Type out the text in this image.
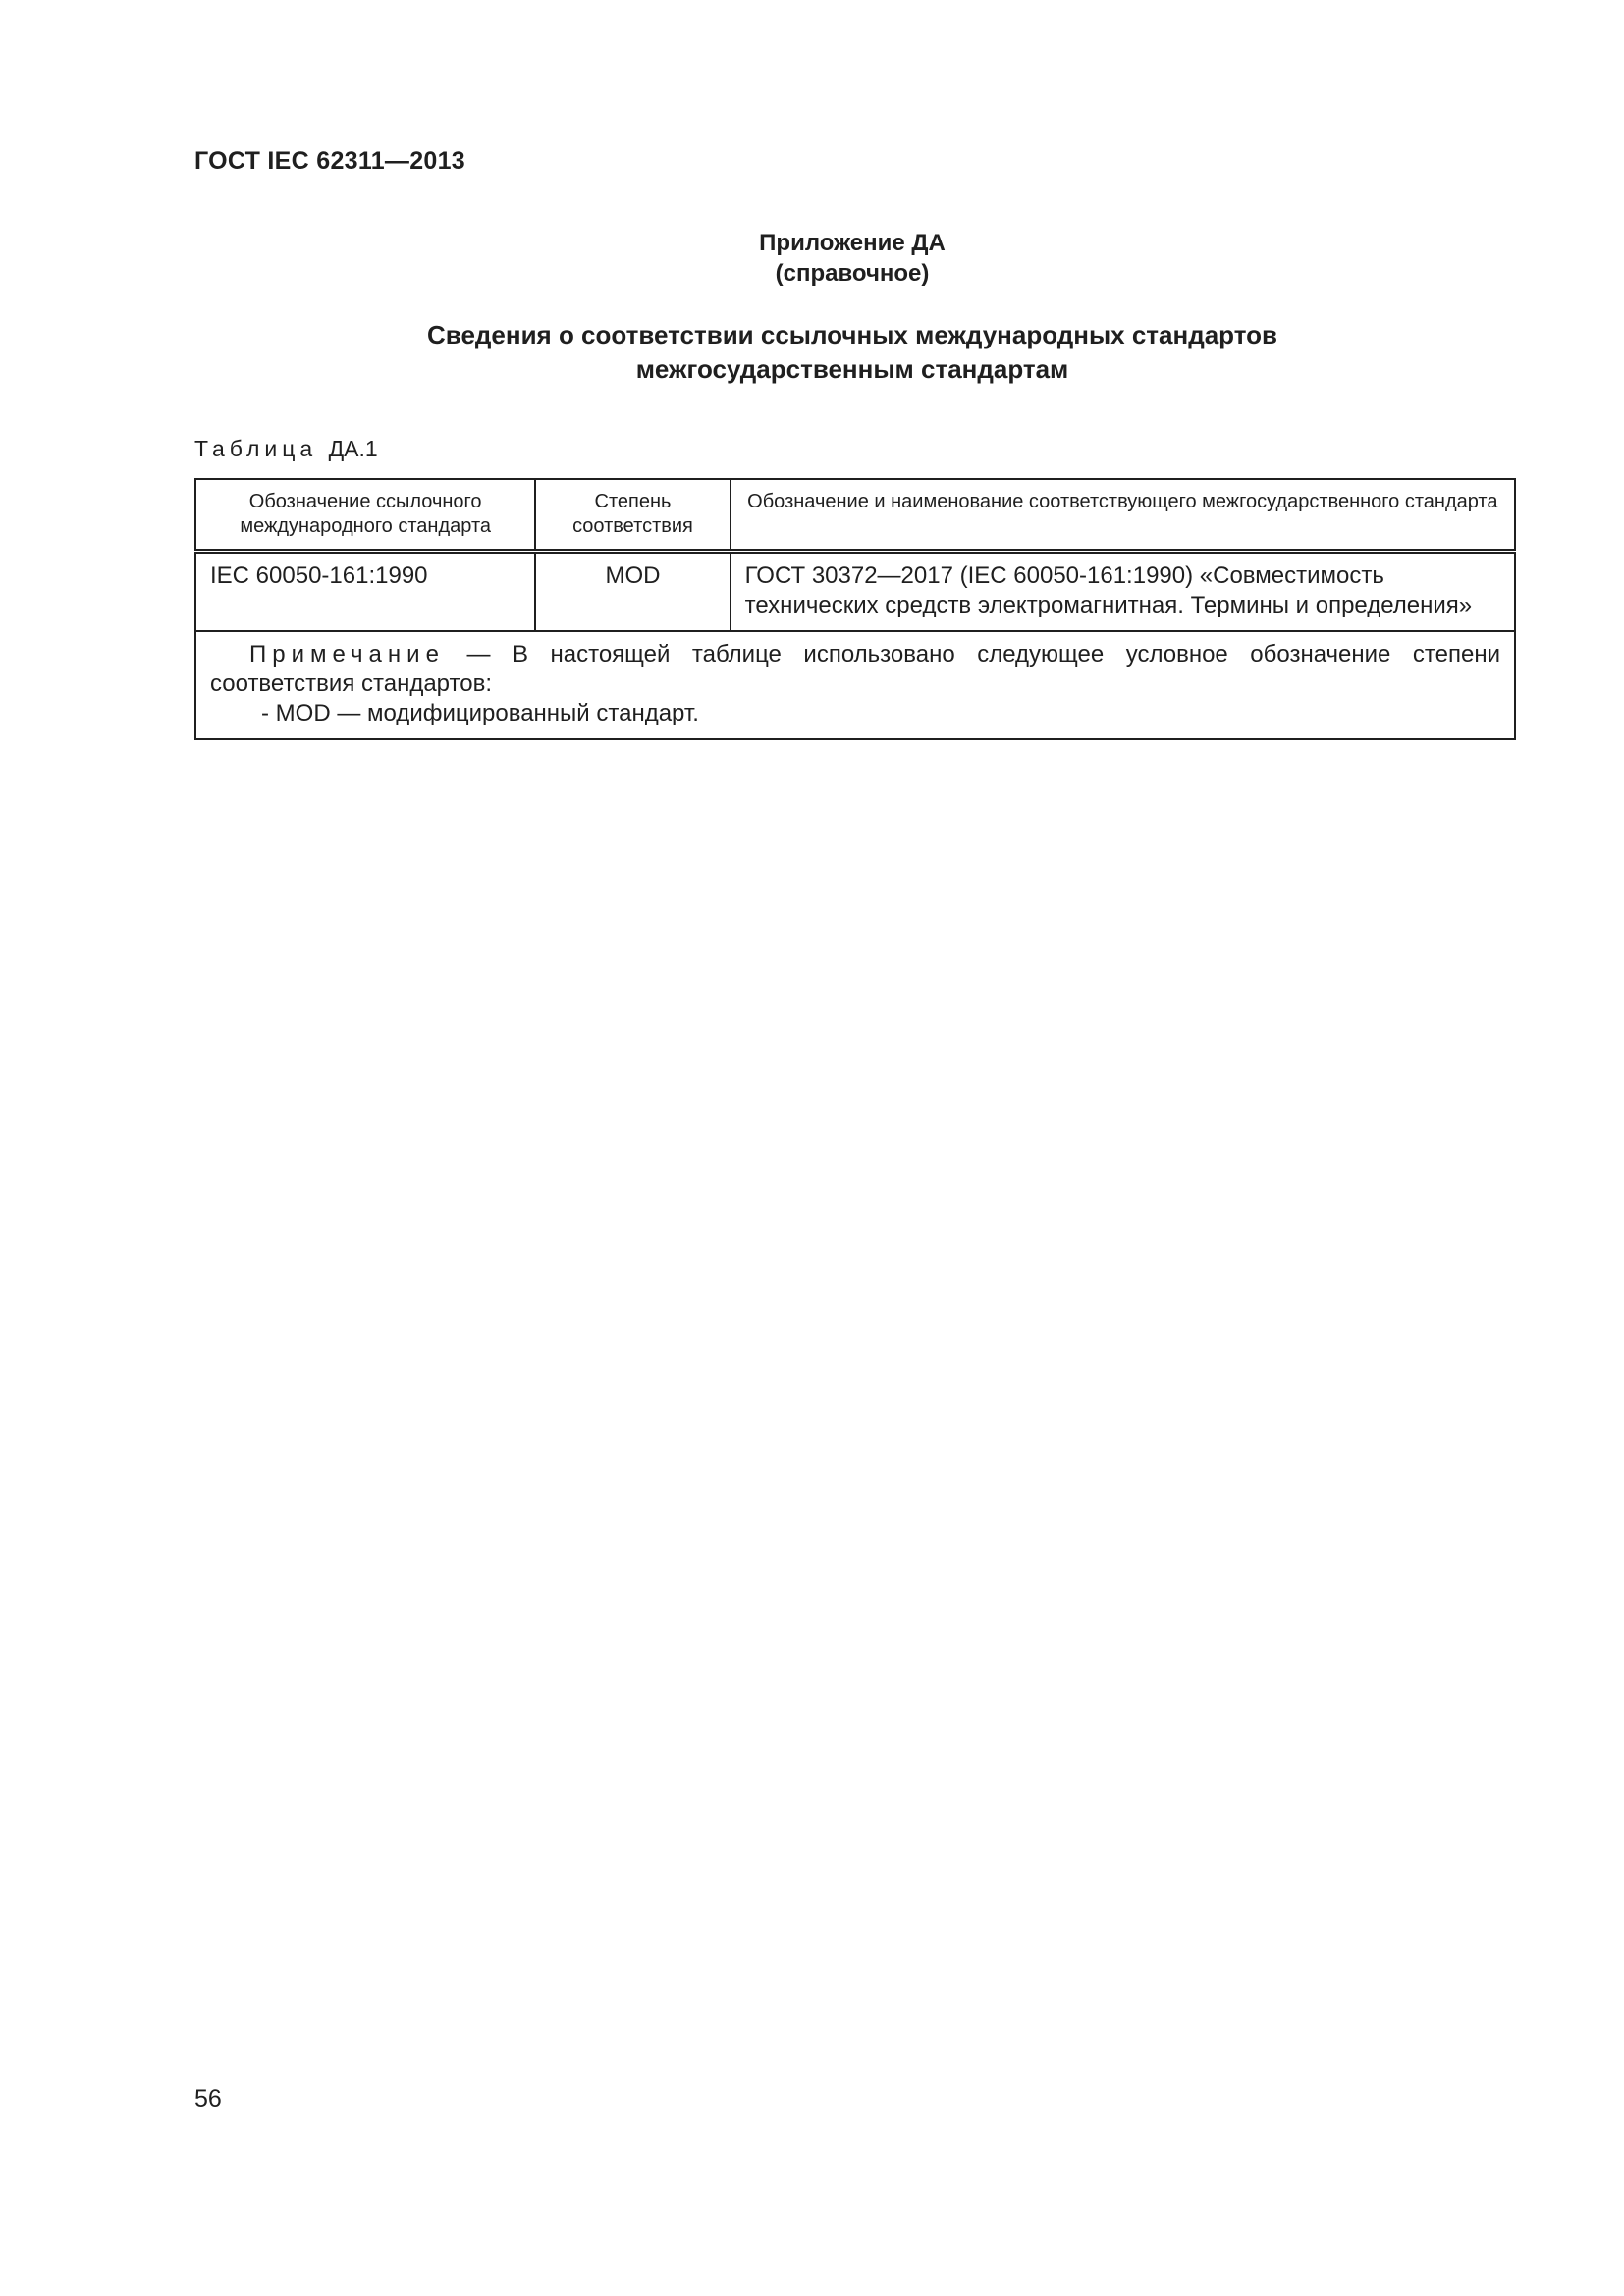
ГОСТ IEC 62311—2013
Приложение ДА
(справочное)
Сведения о соответствии ссылочных международных стандартов
межгосударственным стандартам
Таблица ДА.1
Обозначение ссылочного международного стандарта	Степень соответствия	Обозначение и наименование соответствующего межгосударственного стандарта
IEC 60050-161:1990	MOD	ГОСТ 30372—2017 (IEC 60050-161:1990) «Совместимость технических средств электромагнитная. Термины и определения»
Примечание — В настоящей таблице использовано следующее условное обозначение степени соответствия стандартов:
- MOD — модифицированный стандарт.		
56
